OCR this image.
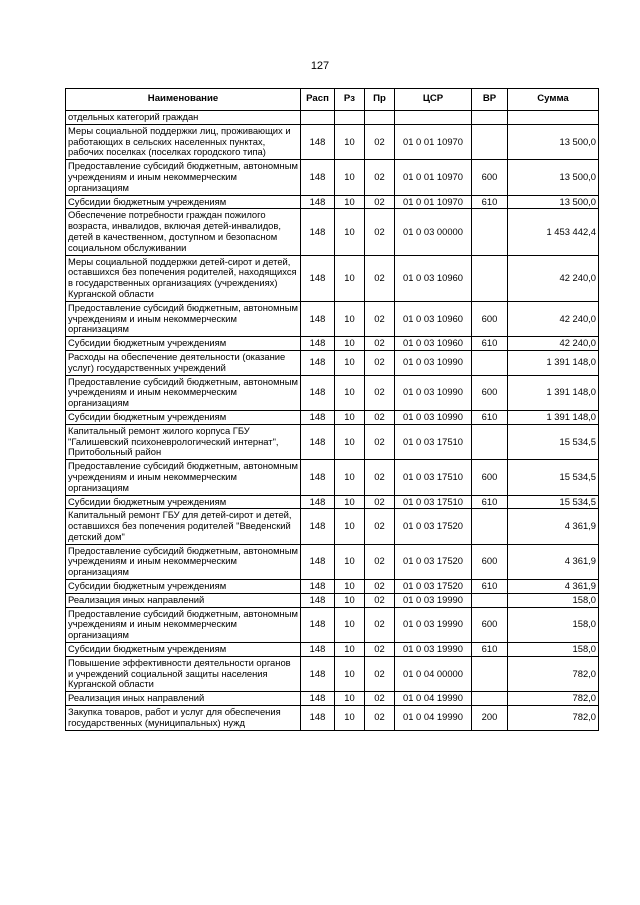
127
Наименование	Расп	Рз	Пр	ЦСР	ВР	Сумма
отдельных категорий граждан						
Меры социальной поддержки лиц, проживающих и работающих в сельских населенных пунктах, рабочих поселках (поселках городского типа)	148	10	02	01 0 01 10970		13 500,0
Предоставление субсидий бюджетным, автономным учреждениям и иным некоммерческим организациям	148	10	02	01 0 01 10970	600	13 500,0
Субсидии бюджетным учреждениям	148	10	02	01 0 01 10970	610	13 500,0
Обеспечение потребности граждан пожилого возраста, инвалидов, включая детей-инвалидов, детей в качественном, доступном и безопасном социальном обслуживании	148	10	02	01 0 03 00000		1 453 442,4
Меры социальной поддержки детей-сирот и детей, оставшихся без попечения родителей, находящихся в государственных организациях (учреждениях) Курганской области	148	10	02	01 0 03 10960		42 240,0
Предоставление субсидий бюджетным, автономным учреждениям и иным некоммерческим организациям	148	10	02	01 0 03 10960	600	42 240,0
Субсидии бюджетным учреждениям	148	10	02	01 0 03 10960	610	42 240,0
Расходы на обеспечение деятельности (оказание услуг) государственных учреждений	148	10	02	01 0 03 10990		1 391 148,0
Предоставление субсидий бюджетным, автономным учреждениям и иным некоммерческим организациям	148	10	02	01 0 03 10990	600	1 391 148,0
Субсидии бюджетным учреждениям	148	10	02	01 0 03 10990	610	1 391 148,0
Капитальный ремонт жилого корпуса ГБУ "Галишевский психоневрологический интернат", Притобольный район	148	10	02	01 0 03 17510		15 534,5
Предоставление субсидий бюджетным, автономным учреждениям и иным некоммерческим организациям	148	10	02	01 0 03 17510	600	15 534,5
Субсидии бюджетным учреждениям	148	10	02	01 0 03 17510	610	15 534,5
Капитальный ремонт ГБУ для детей-сирот и детей, оставшихся без попечения родителей "Введенский детский дом"	148	10	02	01 0 03 17520		4 361,9
Предоставление субсидий бюджетным, автономным учреждениям и иным некоммерческим организациям	148	10	02	01 0 03 17520	600	4 361,9
Субсидии бюджетным учреждениям	148	10	02	01 0 03 17520	610	4 361,9
Реализация иных направлений	148	10	02	01 0 03 19990		158,0
Предоставление субсидий бюджетным, автономным учреждениям и иным некоммерческим организациям	148	10	02	01 0 03 19990	600	158,0
Субсидии бюджетным учреждениям	148	10	02	01 0 03 19990	610	158,0
Повышение эффективности деятельности органов и учреждений социальной защиты населения Курганской области	148	10	02	01 0 04 00000		782,0
Реализация иных направлений	148	10	02	01 0 04 19990		782,0
Закупка товаров, работ и услуг для обеспечения государственных (муниципальных) нужд	148	10	02	01 0 04 19990	200	782,0
